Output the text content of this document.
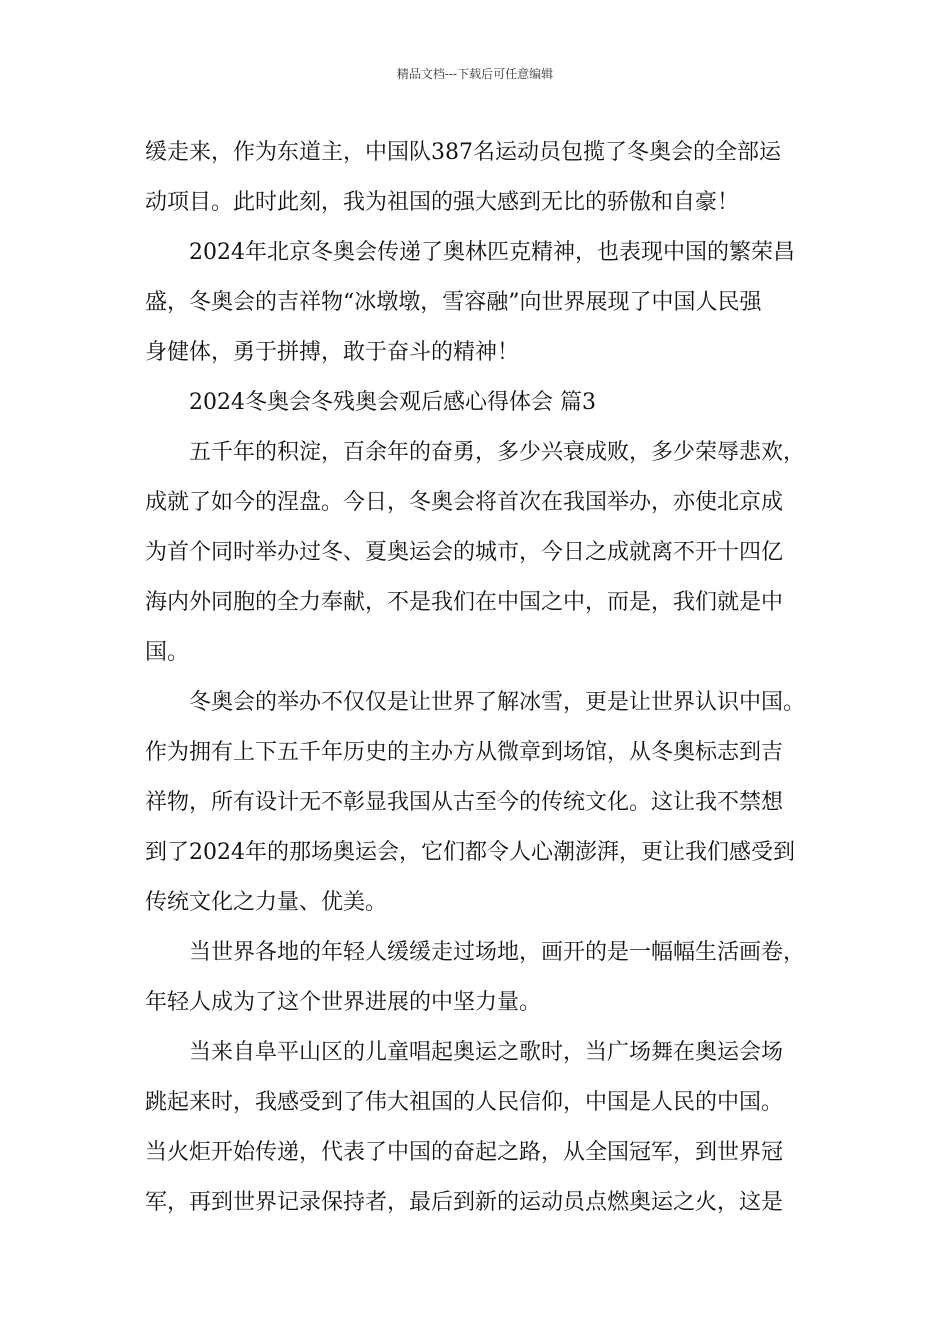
精品文档---下载后可任意编辑
缓走来，作为东道主，中国队387名运动员包揽了冬奥会的全部运
动项目。此时此刻，我为祖国的强大感到无比的骄傲和自豪！
2024年北京冬奥会传递了奥林匹克精神，也表现中国的繁荣昌
盛，冬奥会的吉祥物“冰墩墩，雪容融”向世界展现了中国人民强
身健体，勇于拼搏，敢于奋斗的精神！
2024冬奥会冬残奥会观后感心得体会 篇3
五千年的积淀，百余年的奋勇，多少兴衰成败，多少荣辱悲欢，
成就了如今的涅盘。今日，冬奥会将首次在我国举办，亦使北京成
为首个同时举办过冬、夏奥运会的城市，今日之成就离不开十四亿
海内外同胞的全力奉献，不是我们在中国之中，而是，我们就是中
国。
冬奥会的举办不仅仅是让世界了解冰雪，更是让世界认识中国。
作为拥有上下五千年历史的主办方从微章到场馆，从冬奥标志到吉
祥物，所有设计无不彰显我国从古至今的传统文化。这让我不禁想
到了2024年的那场奥运会，它们都令人心潮澎湃，更让我们感受到
传统文化之力量、优美。
当世界各地的年轻人缓缓走过场地，画开的是一幅幅生活画卷，
年轻人成为了这个世界进展的中坚力量。
当来自阜平山区的儿童唱起奥运之歌时，当广场舞在奥运会场
跳起来时，我感受到了伟大祖国的人民信仰，中国是人民的中国。
当火炬开始传递，代表了中国的奋起之路，从全国冠军，到世界冠
军，再到世界记录保持者，最后到新的运动员点燃奥运之火，这是
